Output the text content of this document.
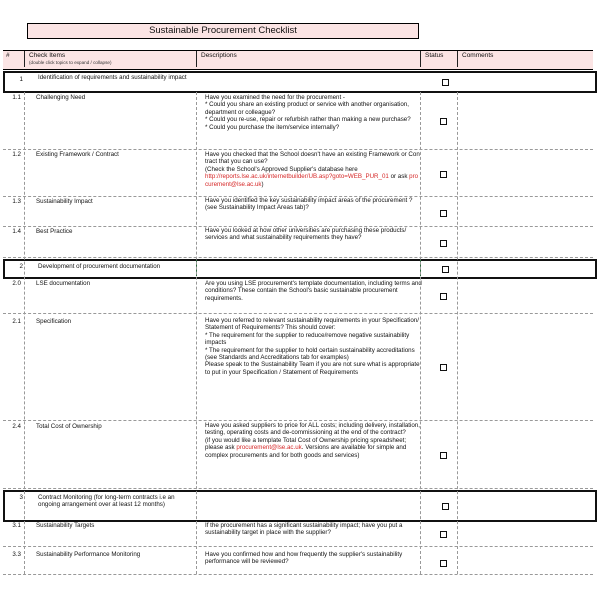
Sustainable Procurement Checklist
#	Check Items
(double click topics to expand / collapse)
Descriptions	Status	Comments
1 Identification of requirements and sustainability impact
1.1 Challenging Need	Have you examined the need for the procurement -
* Could you share an existing product or service with another organisation, department or colleague?
* Could you re-use, repair or refurbish rather than making a new purchase?
* Could you purchase the item/service internally?
1.2 Existing Framework / Contract	Have you checked that the School doesn't have an existing Framework or Contract that you can use?
(Check the School's Approved Supplier's database here
http://reports.lse.ac.uk/internetbuilder/UB.asp?goto=WEB_PUR_01 or ask procurement@lse.ac.uk)
1.3 Sustainability Impact	Have you identified the key sustainability impact areas of the procurement ?
(see Sustainability Impact Areas tab)?
1.4 Best Practice	Have you looked at how other universities are purchasing these products/ services and what sustainability requirements they have?
2 Development of procurement documentation
2.0 LSE documentation	Are you using LSE procurement's template documentation, including terms and conditions? These contain the School's basic sustainable procurement requirements.
2.1 Specification	Have you referred to relevant sustainability requirements in your Specification/ Statement of Requirements? This should cover:
* The requirement for the supplier to reduce/remove negative sustainability impacts
* The requirement for the supplier to hold certain sustainability accreditations (see Standards and Accreditations tab for examples)
Please speak to the Sustainability Team if you are not sure what is appropriate to put in your Specification / Statement of Requirements
2.4 Total Cost of Ownership	Have you asked suppliers to price for ALL costs; including delivery, installation, testing, operating costs and de-commissioning at the end of the contract?
(if you would like a template Total Cost of Ownership pricing spreadsheet; please ask procurement@lse.ac.uk. Versions are available for simple and complex procurements and for both goods and services)
3 Contract Monitoring (for long-term contracts i.e an ongoing arrangement over at least 12 months)
3.1 Sustainability Targets	If the procurement has a significant sustainability impact; have you put a sustainability target in place with the supplier?
3.3 Sustainability Performance Monitoring	Have you confirmed how and how frequently the supplier's sustainability performance will be reviewed?
